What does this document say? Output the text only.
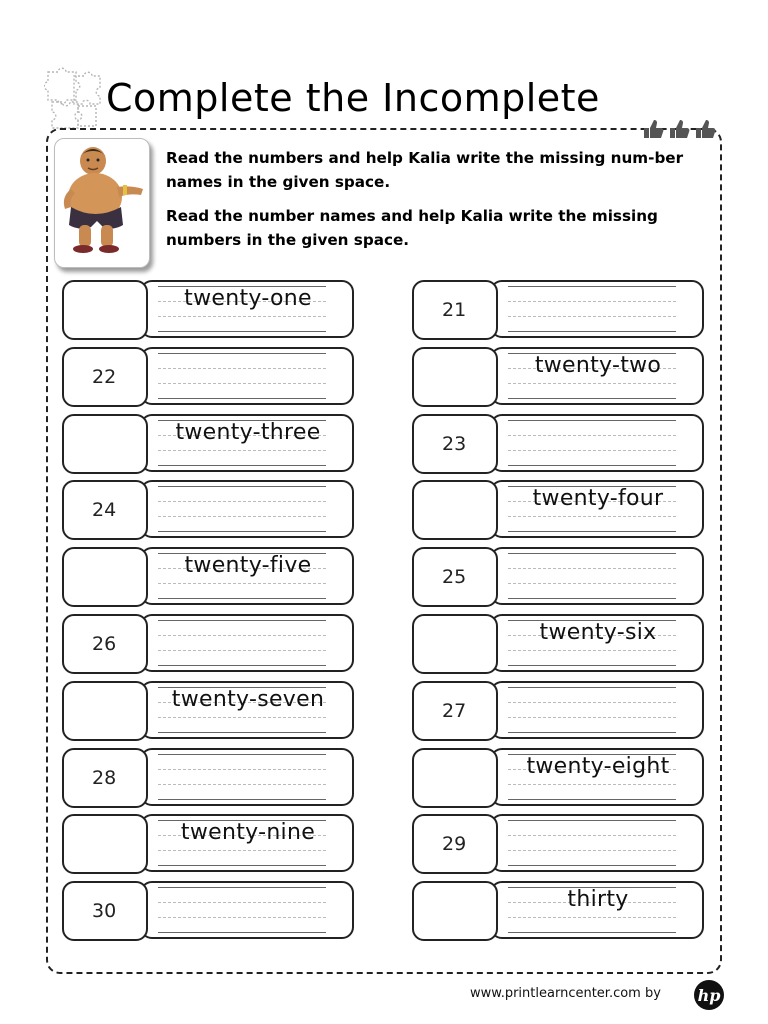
Complete the Incomplete
Read the numbers and help Kalia write the missing num-ber names in the given space.
Read the number names and help Kalia write the missing numbers in the given space.
twenty-one
22
twenty-three
24
twenty-five
26
twenty-seven
28
twenty-nine
30
21
twenty-two
23
twenty-four
25
twenty-six
27
twenty-eight
29
thirty
www.printlearncenter.com by hp
